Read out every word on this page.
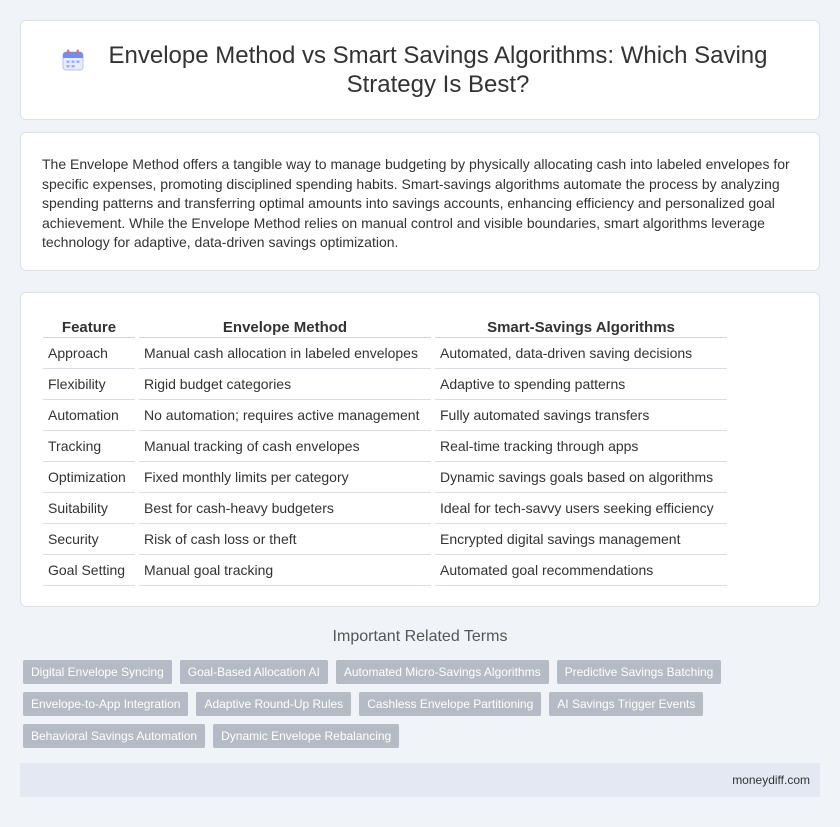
Envelope Method vs Smart Savings Algorithms: Which Saving Strategy Is Best?

The Envelope Method offers a tangible way to manage budgeting by physically allocating cash into labeled envelopes for specific expenses, promoting disciplined spending habits. Smart-savings algorithms automate the process by analyzing spending patterns and transferring optimal amounts into savings accounts, enhancing efficiency and personalized goal achievement. While the Envelope Method relies on manual control and visible boundaries, smart algorithms leverage technology for adaptive, data-driven savings optimization.

Feature	Envelope Method	Smart-Savings Algorithms
Approach	Manual cash allocation in labeled envelopes	Automated, data-driven saving decisions
Flexibility	Rigid budget categories	Adaptive to spending patterns
Automation	No automation; requires active management	Fully automated savings transfers
Tracking	Manual tracking of cash envelopes	Real-time tracking through apps
Optimization	Fixed monthly limits per category	Dynamic savings goals based on algorithms
Suitability	Best for cash-heavy budgeters	Ideal for tech-savvy users seeking efficiency
Security	Risk of cash loss or theft	Encrypted digital savings management
Goal Setting	Manual goal tracking	Automated goal recommendations
Important Related Terms
Digital Envelope Syncing	Goal-Based Allocation AI	Automated Micro-Savings Algorithms	Predictive Savings Batching
Envelope-to-App Integration	Adaptive Round-Up Rules	Cashless Envelope Partitioning	AI Savings Trigger Events
Behavioral Savings Automation	Dynamic Envelope Rebalancing
moneydiff.com
